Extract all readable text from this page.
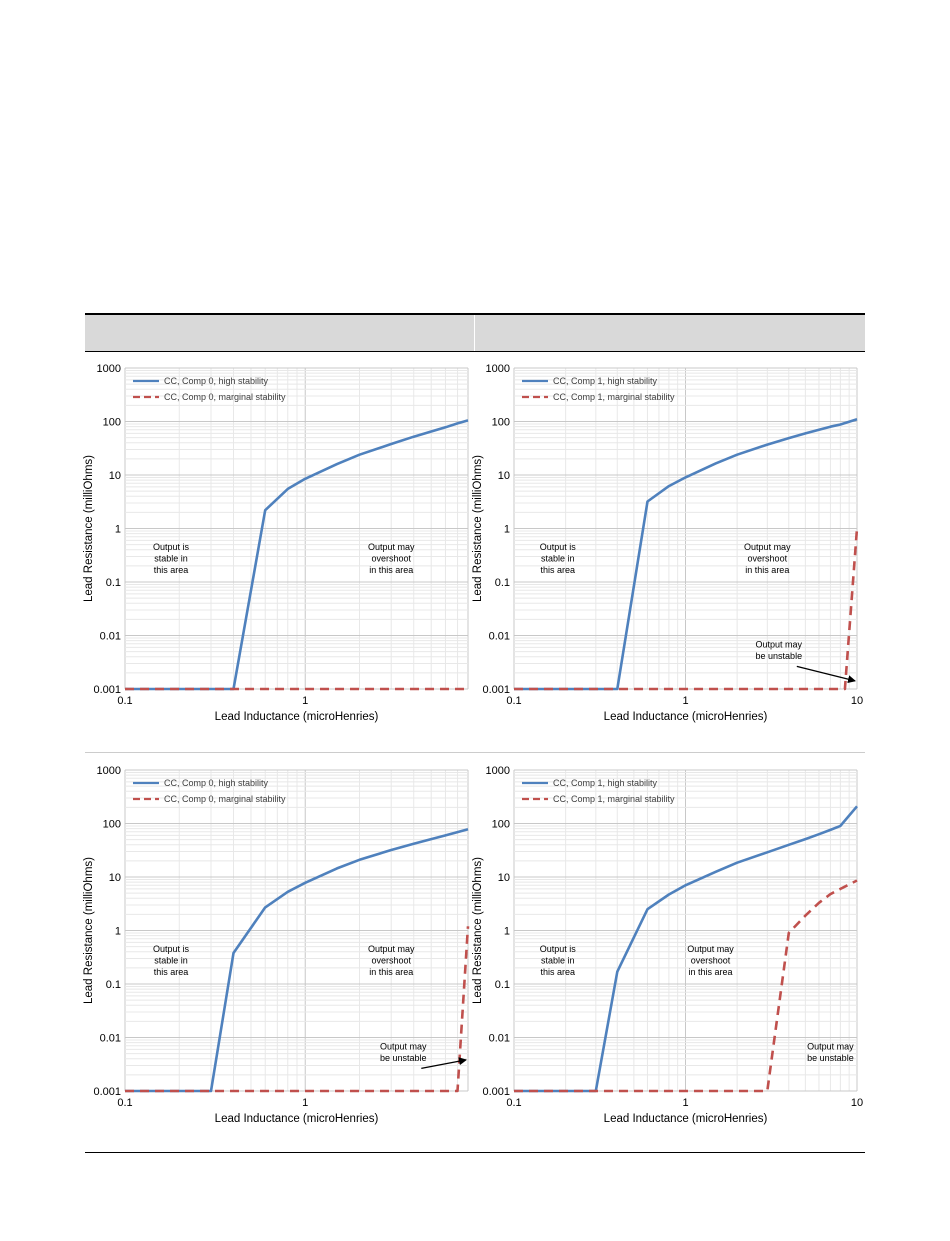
0.001
0.01
0.1
1
10
100
1000
0.1	1
Lead Inductance (microHenries)
Lead Resistance (milliOhms)
CC, Comp 0, high stability
CC, Comp 0, marginal stability
Output is
stable in
this area
Output may
overshoot
in this area
0.001
0.01
0.1
1
10
100
1000
0.1	1	10
Lead Inductance (microHenries)
Lead Resistance (milliOhms)
CC, Comp 1, high stability
CC, Comp 1, marginal stability
Output is
stable in
this area
Output may
overshoot
in this area
Output may
be unstable
0.001
0.01
0.1
1
10
100
1000
0.1	1
Lead Inductance (microHenries)
Lead Resistance (milliOhms)
CC, Comp 0, high stability
CC, Comp 0, marginal stability
Output is
stable in
this area
Output may
overshoot
in this area
Output may
be unstable
0.001
0.01
0.1
1
10
100
1000
0.1	1	10
Lead Inductance (microHenries)
Lead Resistance (milliOhms)
CC, Comp 1, high stability
CC, Comp 1, marginal stability
Output is
stable in
this area
Output may
overshoot
in this area
Output may
be unstable
